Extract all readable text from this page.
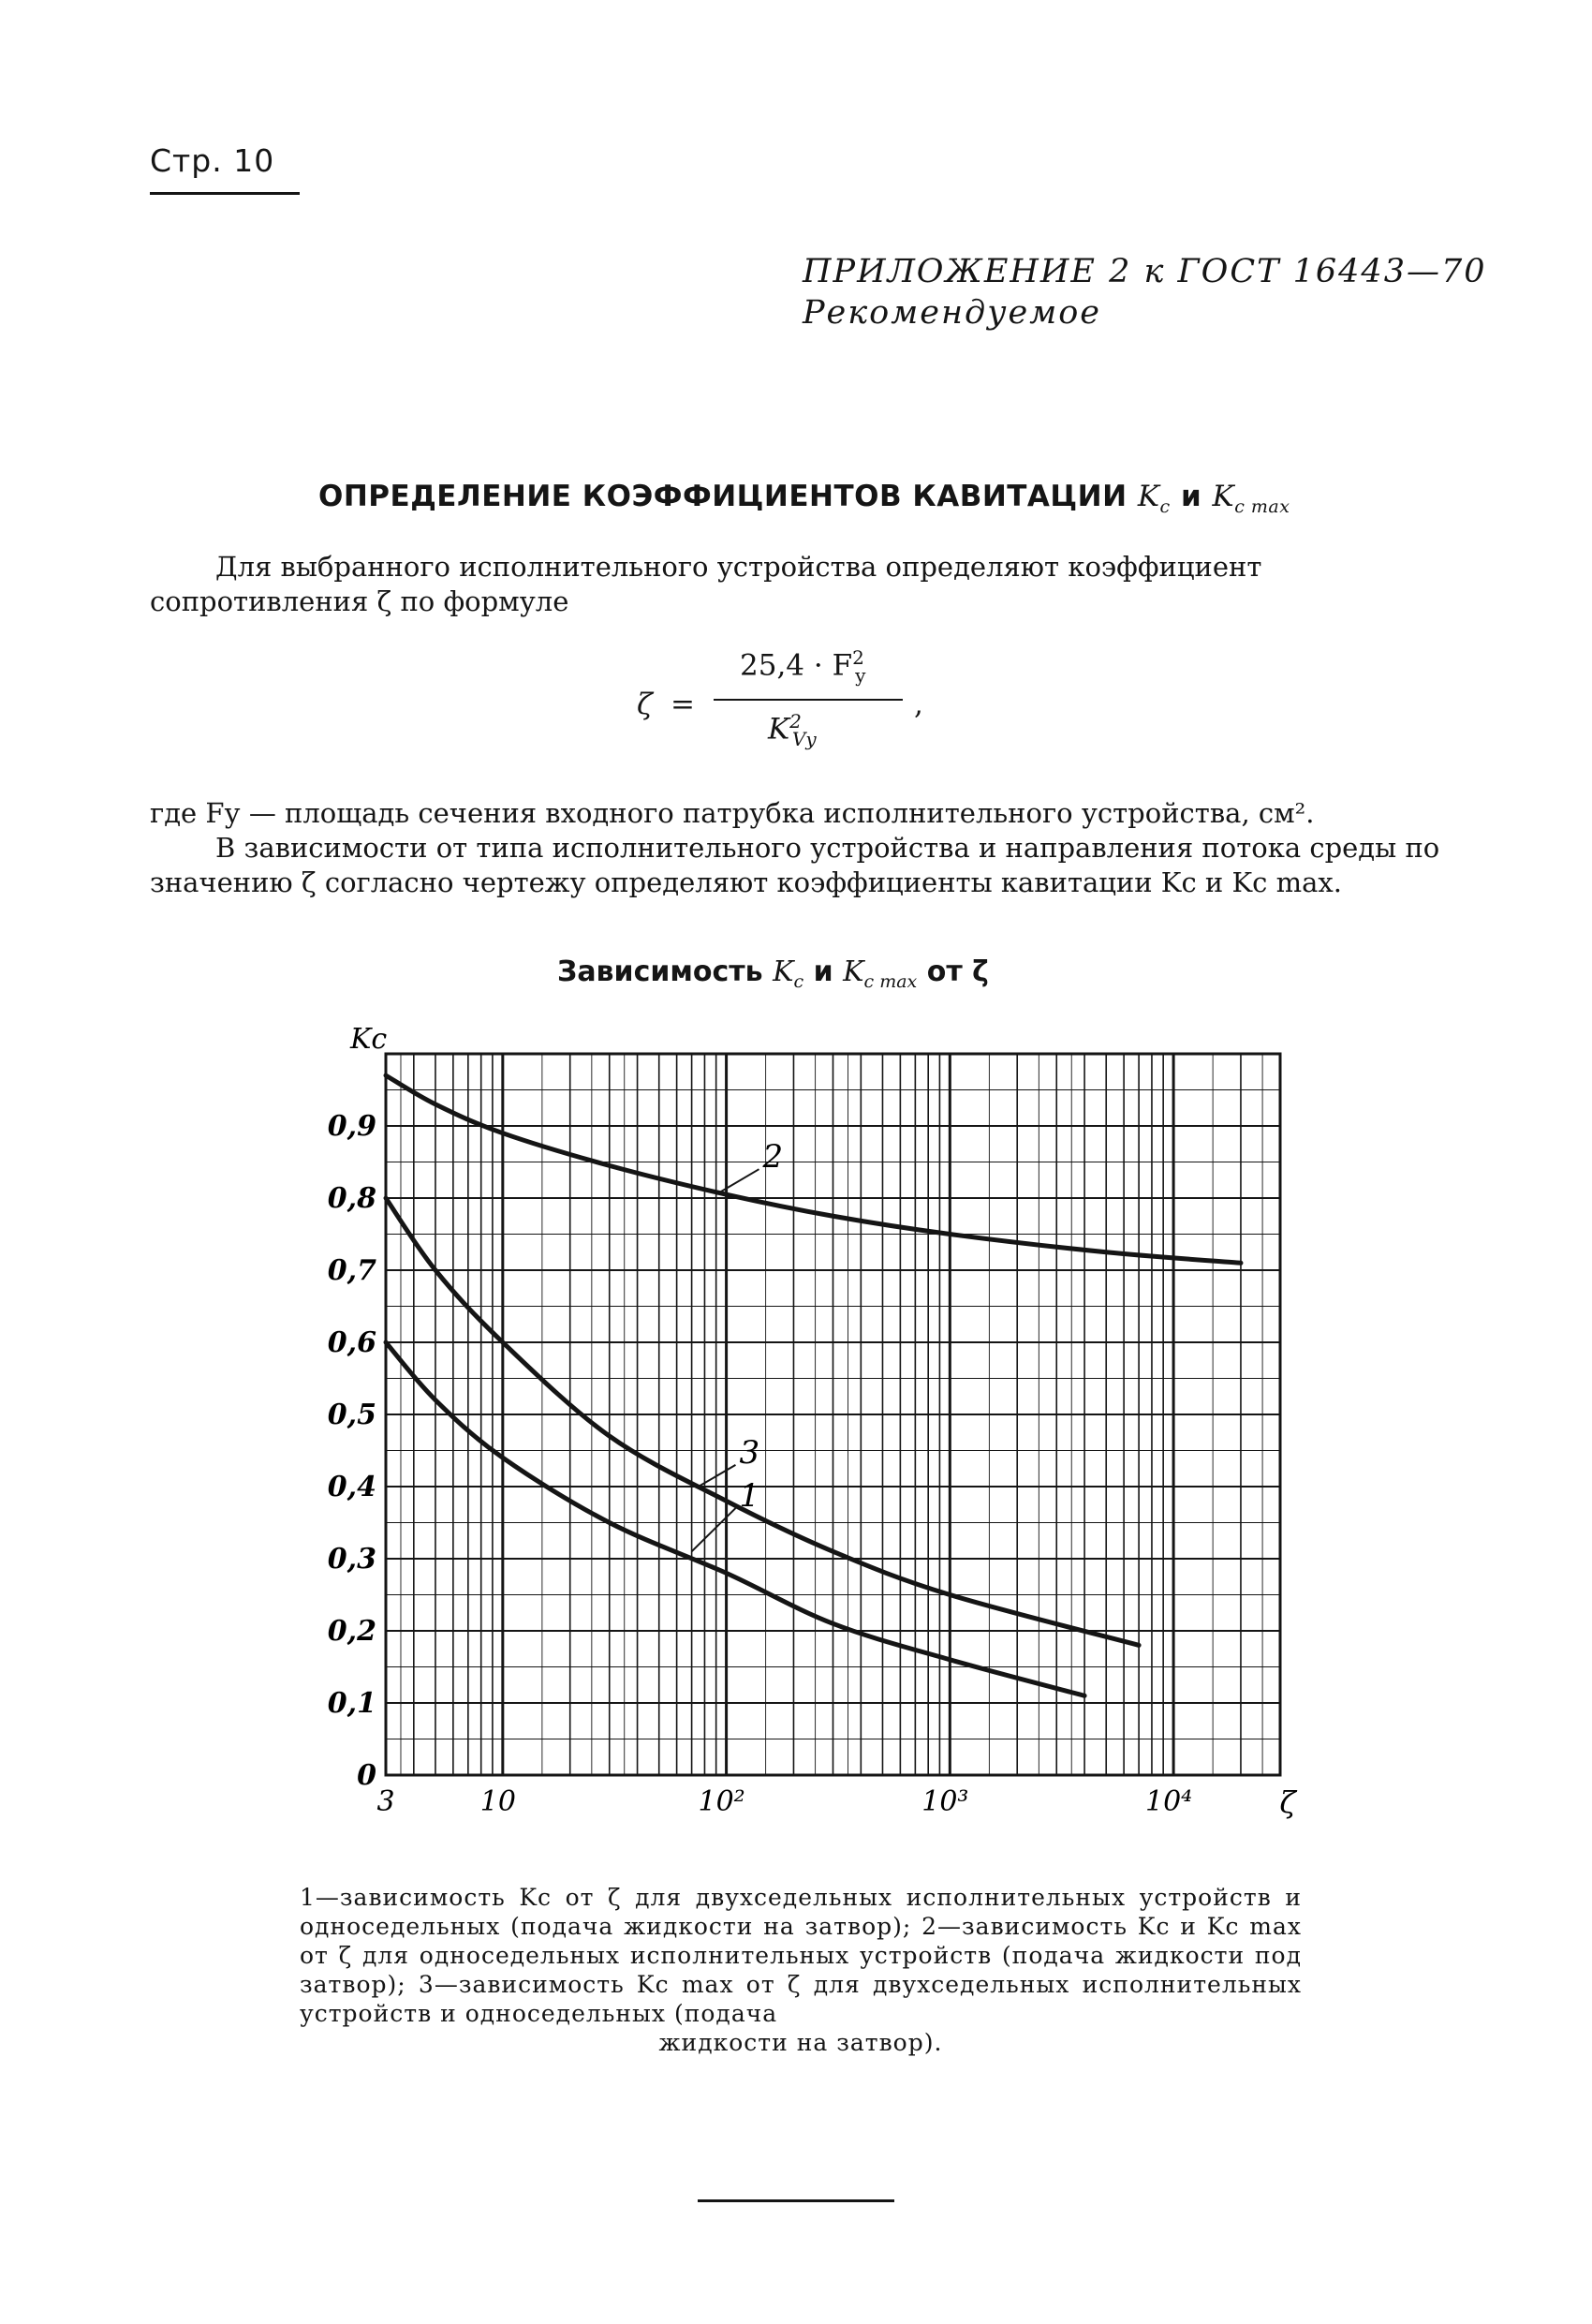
Стр. 10
ПРИЛОЖЕНИЕ 2 к ГОСТ 16443—70
Рекомендуемое
ОПРЕДЕЛЕНИЕ КОЭФФИЦИЕНТОВ КАВИТАЦИИ $K_c$ и $K_{c max}$
Для выбранного исполнительного устройства определяют коэффициент сопротивления ζ по формуле
ζ =
$25,4 \cdot F^2_у$
$K^2_{Vу}$
,
где Fу — площадь сечения входного патрубка исполнительного устройства, см².
В зависимости от типа исполнительного устройства и направления потока среды по значению ζ согласно чертежу определяют коэффициенты кавитации Kc и Kc max.
Зависимость $K_c$ и $K_{c max}$ от ζ
0
0,1
0,2
0,3
0,4
0,5
0,6
0,7
0,8
0,9
Kc
3	10	10²	10³	10⁴	ζ
1
2
3
1—зависимость Kc от ζ для двухседельных исполнительных устройств и односедельных (подача жидкости на затвор); 2—зависимость Kc и Kc max от ζ для односедельных исполнительных устройств (подача жидкости под затвор); 3—зависимость Kc max от ζ для двухседельных исполнительных устройств и односедельных (подача
жидкости на затвор).
